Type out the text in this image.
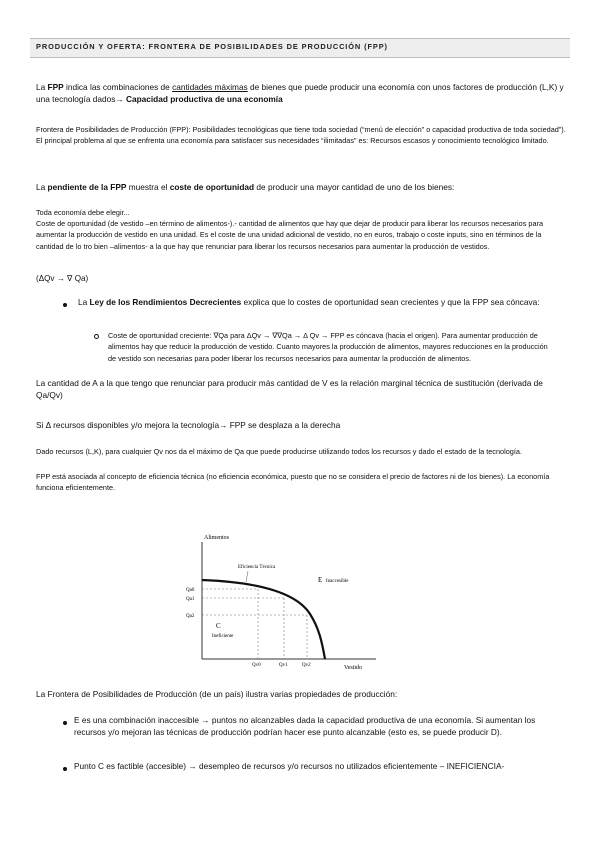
PRODUCCIÓN Y OFERTA: FRONTERA DE POSIBILIDADES DE PRODUCCIÓN (FPP)

La FPP indica las combinaciones de cantidades máximas de bienes que puede producir una economía con unos factores de producción (L,K) y una tecnología dados→ Capacidad productiva de una economía

Frontera de Posibilidades de Producción (FPP): Posibilidades tecnológicas que tiene toda sociedad (“menú de elección” o capacidad productiva de toda sociedad”). El principal problema al que se enfrenta una economía para satisfacer sus necesidades “ilimitadas” es: Recursos escasos y conocimiento tecnológico limitado.

La pendiente de la FPP muestra el coste de oportunidad de producir una mayor cantidad de uno de los bienes:

Toda economía debe elegir...

Coste de oportunidad (de vestido –en término de alimentos-).- cantidad de alimentos que hay que dejar de producir para liberar los recursos necesarios para aumentar la producción de vestido en una unidad. Es el coste de una unidad adicional de vestido, no en euros, trabajo o coste inputs, sino en términos de la cantidad de lo tro bien –alimentos- a la que hay que renunciar para liberar los recursos necesarios para aumentar la producción de vestidos.

(ΔQv → ∇ Qa)

La Ley de los Rendimientos Decrecientes explica que lo costes de oportunidad sean crecientes y que la FPP sea cóncava:

Coste de oportunidad creciente: ∇Qa para ΔQv → ∇∇Qa → Δ Qv → FPP es cóncava (hacia el origen). Para aumentar producción de alimentos hay que reducir la producción de vestido. Cuanto mayores la producción de alimentos, mayores reducciones en la producción de vestido son necesarias para poder liberar los recursos necesarios para aumentar la producción de alimentos.

La cantidad de A a la que tengo que renunciar para producir más cantidad de V es la relación marginal técnica de sustitución (derivada de Qa/Qv)

Si Δ recursos disponibles y/o mejora la tecnología→ FPP se desplaza a la derecha

Dado recursos (L,K), para cualquier Qv nos da el máximo de Qa que puede producirse utilizando todos los recursos y dado el estado de la tecnología.

FPP está asociada al concepto de eficiencia técnica (no eficiencia económica, puesto que no se considera el precio de factores ni de los bienes). La economía funciona eficientemente.

Alimentos
Vestido
Eficiencia Técnica
E Inaccesible
C
Ineficiente
Qa0
Qa1
Qa2
Qv0	Qv1	Qv2

La Frontera de Posibilidades de Producción (de un país) ilustra varias propiedades de producción:

E es una combinación inaccesible → puntos no alcanzables dada la capacidad productiva de una economía. Si aumentan los recursos y/o mejoran las técnicas de producción podrían hacer ese punto alcanzable (esto es, se puede producir D).

Punto C es factible (accesible) → desempleo de recursos y/o recursos no utilizados eficientemente – INEFICIENCIA-
